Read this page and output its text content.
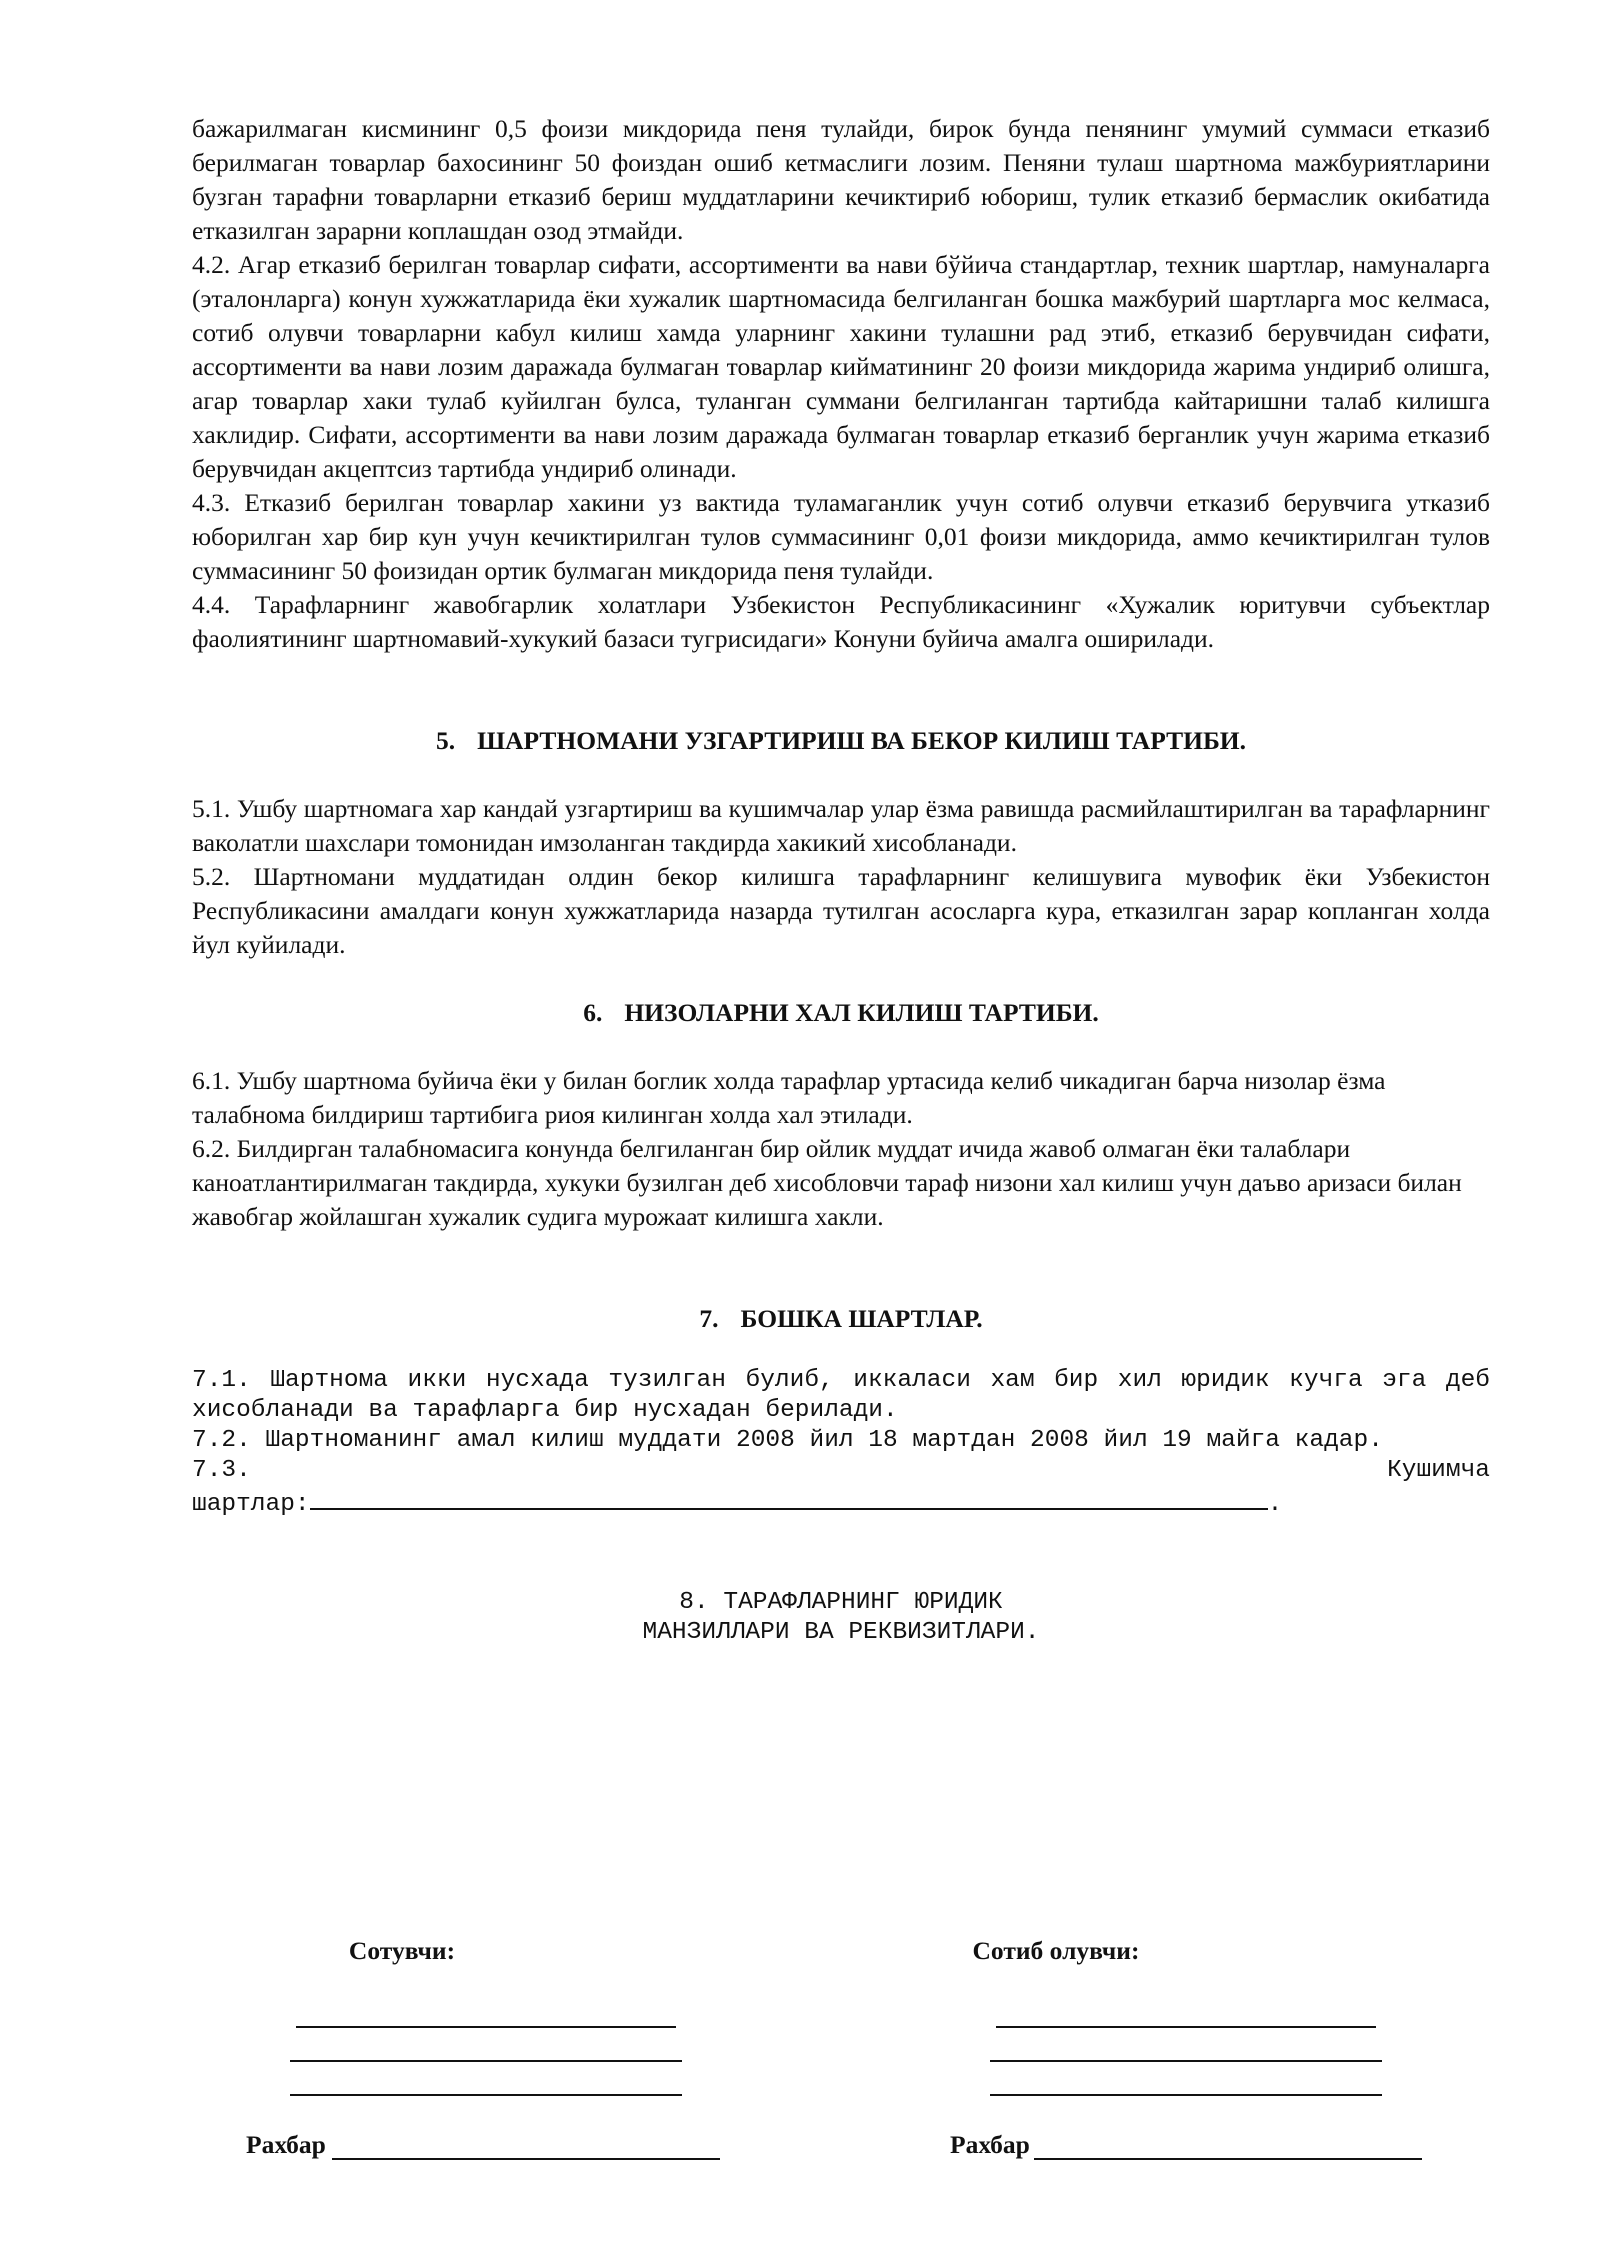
бажарилмаган кисмининг 0,5 фоизи микдорида пеня тулайди, бирок бунда пенянинг умумий суммаси етказиб берилмаган товарлар бахосининг 50 фоиздан ошиб кетмаслиги лозим. Пеняни тулаш шартнома мажбуриятларини бузган тарафни товарларни етказиб бериш муддатларини кечиктириб юбориш, тулик етказиб бермаслик окибатида етказилган зарарни коплашдан озод этмайди.

4.2. Агар етказиб берилган товарлар сифати, ассортименти ва нави бўйича стандартлар, техник шартлар, намуналарга (эталонларга) конун хужжатларида ёки хужалик шартномасида белгиланган бошка мажбурий шартларга мос келмаса, сотиб олувчи товарларни кабул килиш хамда уларнинг хакини тулашни рад этиб, етказиб берувчидан сифати, ассортименти ва нави лозим даражада булмаган товарлар кийматининг 20 фоизи микдорида жарима ундириб олишга, агар товарлар хаки тулаб куйилган булса, туланган суммани белгиланган тартибда кайтаришни талаб килишга хаклидир. Сифати, ассортименти ва нави лозим даражада булмаган товарлар етказиб берганлик учун жарима етказиб берувчидан акцептсиз тартибда ундириб олинади.

4.3. Етказиб берилган товарлар хакини уз вактида туламаганлик учун сотиб олувчи етказиб берувчига утказиб юборилган хар бир кун учун кечиктирилган тулов суммасининг 0,01 фоизи микдорида, аммо кечиктирилган тулов суммасининг 50 фоизидан ортик булмаган микдорида пеня тулайди.

4.4. Тарафларнинг жавобгарлик холатлари Узбекистон Республикасининг «Хужалик юритувчи субъектлар фаолиятининг шартномавий-хукукий базаси тугрисидаги» Конуни буйича амалга оширилади.

5. ШАРТНОМАНИ УЗГАРТИРИШ ВА БЕКОР КИЛИШ ТАРТИБИ.

5.1. Ушбу шартномага хар кандай узгартириш ва кушимчалар улар ёзма равишда расмийлаштирилган ва тарафларнинг ваколатли шахслари томонидан имзоланган такдирда хакикий хисобланади.

5.2. Шартномани муддатидан олдин бекор килишга тарафларнинг келишувига мувофик ёки Узбекистон Республикасини амалдаги конун хужжатларида назарда тутилган асосларга кура, етказилган зарар копланган холда йул куйилади.

6. НИЗОЛАРНИ ХАЛ КИЛИШ ТАРТИБИ.

6.1. Ушбу шартнома буйича ёки у билан боглик холда тарафлар уртасида келиб чикадиган барча низолар ёзма талабнома билдириш тартибига риоя килинган холда хал этилади.

6.2. Билдирган талабномасига конунда белгиланган бир ойлик муддат ичида жавоб олмаган ёки талаблари каноатлантирилмаган такдирда, хукуки бузилган деб хисобловчи тараф низони хал килиш учун даъво аризаси билан жавобгар жойлашган хужалик судига мурожаат килишга хакли.

7. БОШКА ШАРТЛАР.

7.1. Шартнома икки нусхада тузилган булиб, иккаласи хам бир хил юридик кучга эга деб хисобланади ва тарафларга бир нусхадан берилади.

7.2. Шартноманинг амал килиш муддати 2008 йил 18 мартдан 2008 йил 19 майга кадар.

7.3.	Кушимча

шартлар:	.

8. ТАРАФЛАРНИНГ ЮРИДИК

МАНЗИЛЛАРИ ВА РЕКВИЗИТЛАРИ.

Сотувчи:	Сотиб олувчи:
Рахбар	Рахбар
